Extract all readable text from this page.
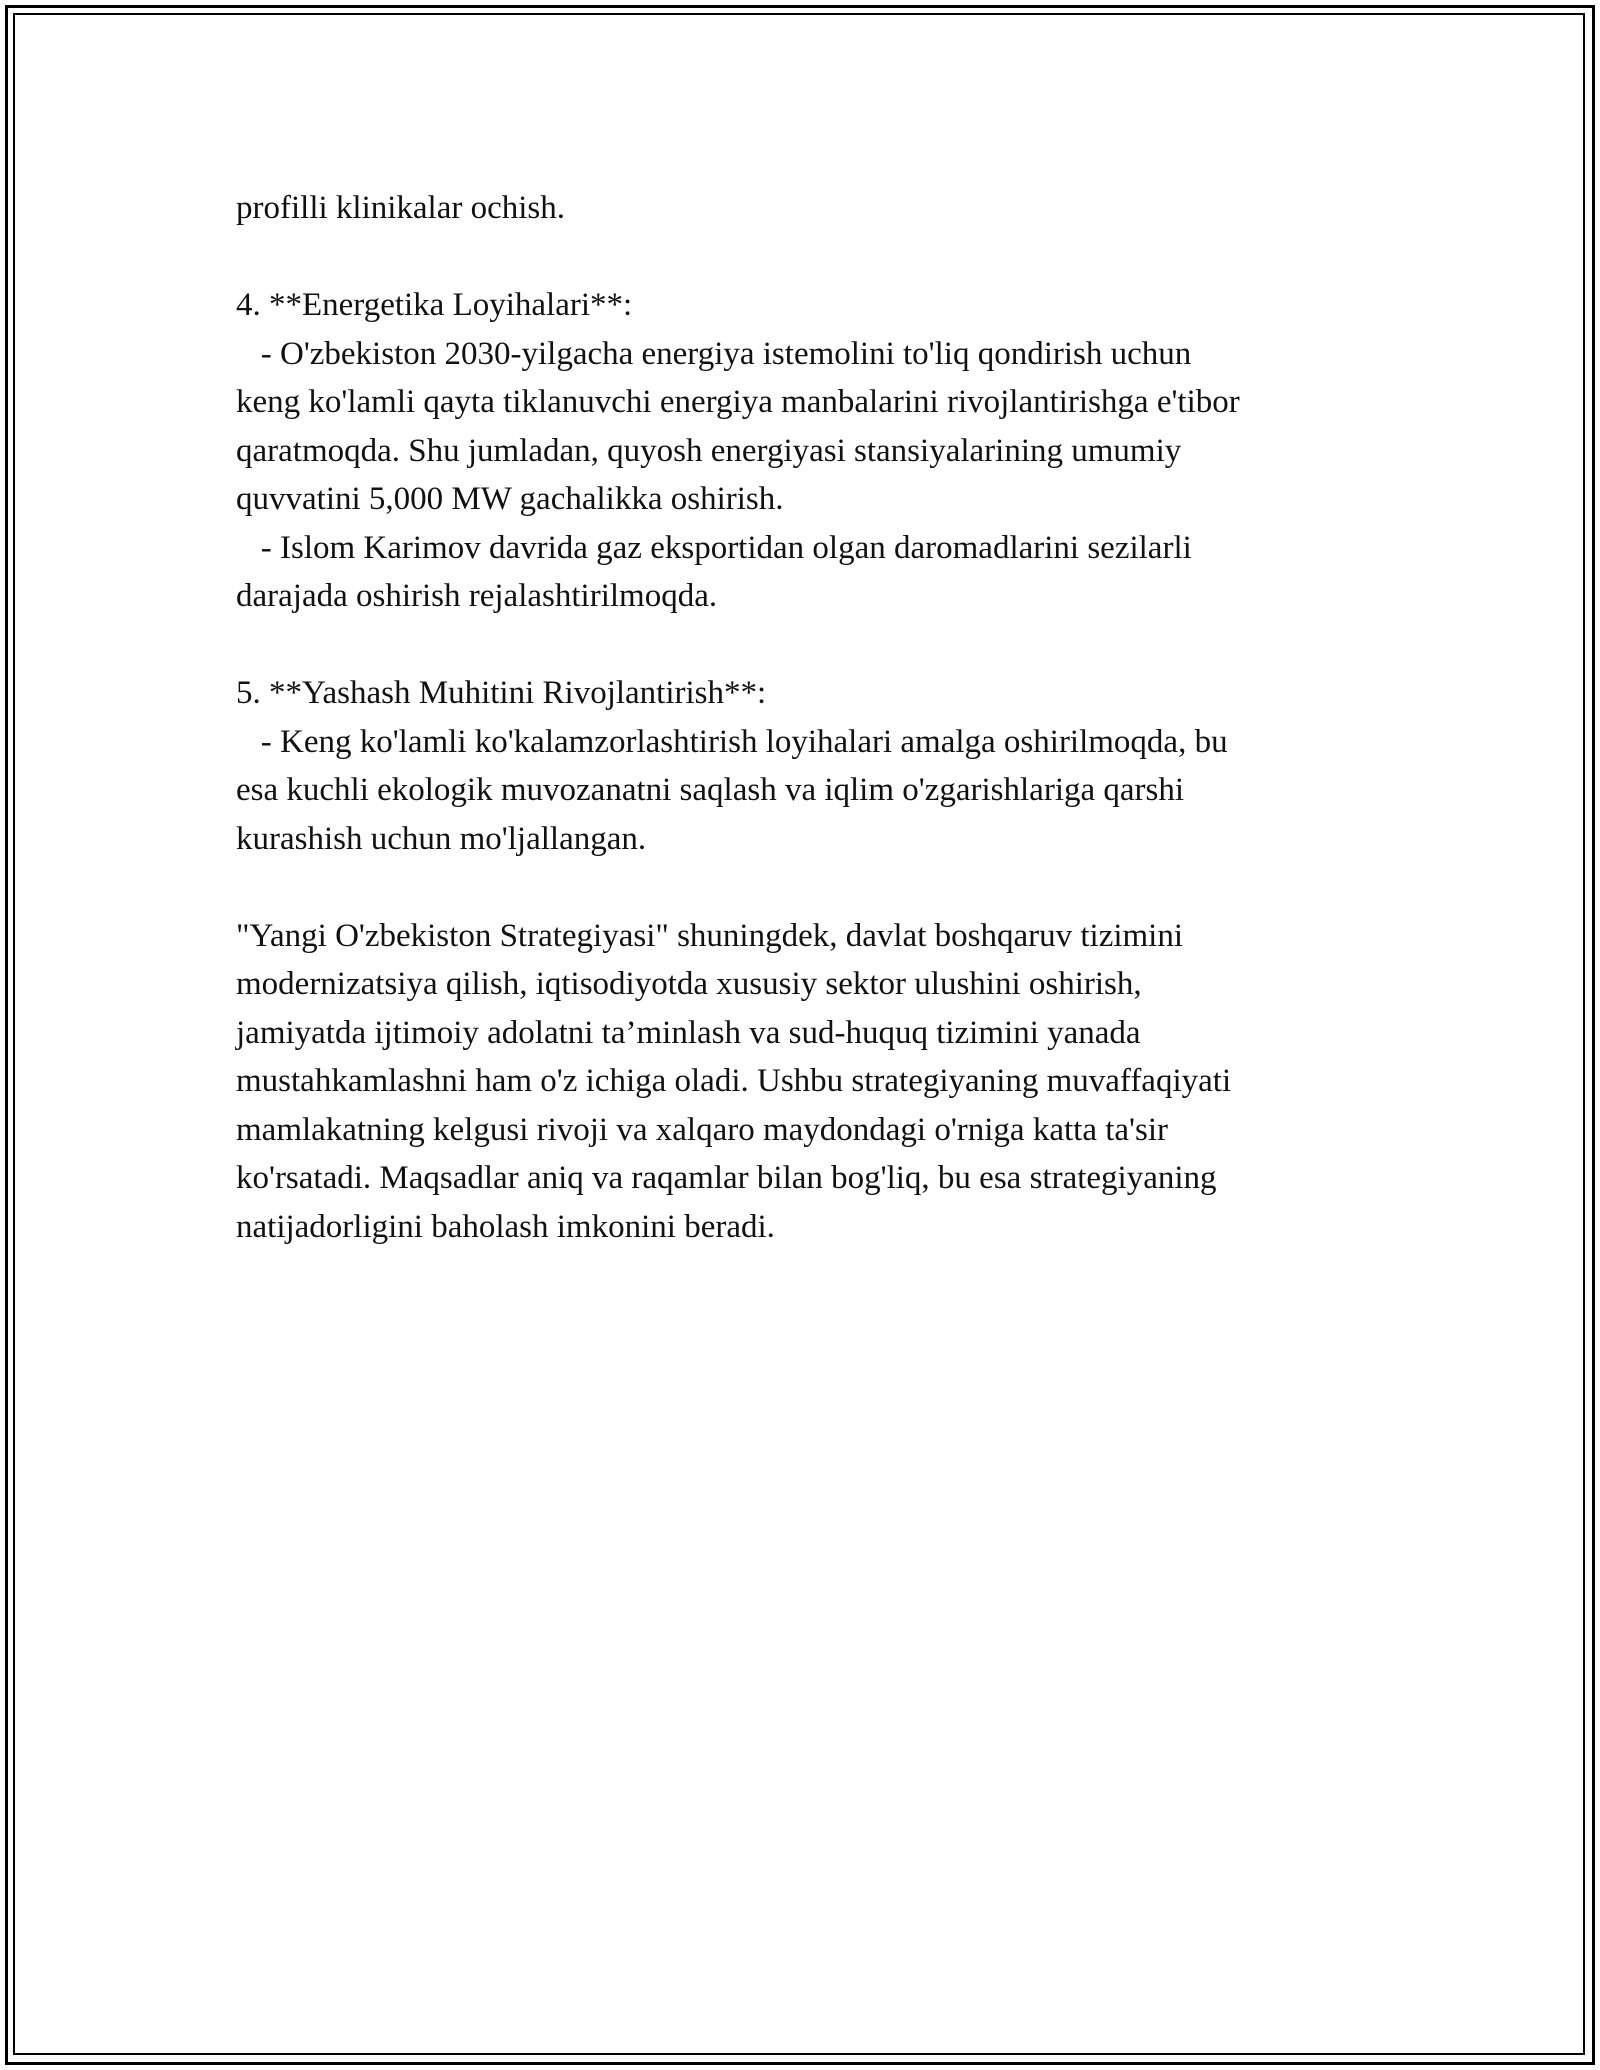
profilli klinikalar ochish.

4. **Energetika Loyihalari**:

- O'zbekiston 2030-yilgacha energiya istemolini to'liq qondirish uchun

keng ko'lamli qayta tiklanuvchi energiya manbalarini rivojlantirishga e'tibor

qaratmoqda. Shu jumladan, quyosh energiyasi stansiyalarining umumiy

quvvatini 5,000 MW gachalikka oshirish.

- Islom Karimov davrida gaz eksportidan olgan daromadlarini sezilarli

darajada oshirish rejalashtirilmoqda.

5. **Yashash Muhitini Rivojlantirish**:

- Keng ko'lamli ko'kalamzorlashtirish loyihalari amalga oshirilmoqda, bu

esa kuchli ekologik muvozanatni saqlash va iqlim o'zgarishlariga qarshi

kurashish uchun mo'ljallangan.

"Yangi O'zbekiston Strategiyasi" shuningdek, davlat boshqaruv tizimini

modernizatsiya qilish, iqtisodiyotda xususiy sektor ulushini oshirish,

jamiyatda ijtimoiy adolatni ta’minlash va sud-huquq tizimini yanada

mustahkamlashni ham o'z ichiga oladi. Ushbu strategiyaning muvaffaqiyati

mamlakatning kelgusi rivoji va xalqaro maydondagi o'rniga katta ta'sir

ko'rsatadi. Maqsadlar aniq va raqamlar bilan bog'liq, bu esa strategiyaning

natijadorligini baholash imkonini beradi.
